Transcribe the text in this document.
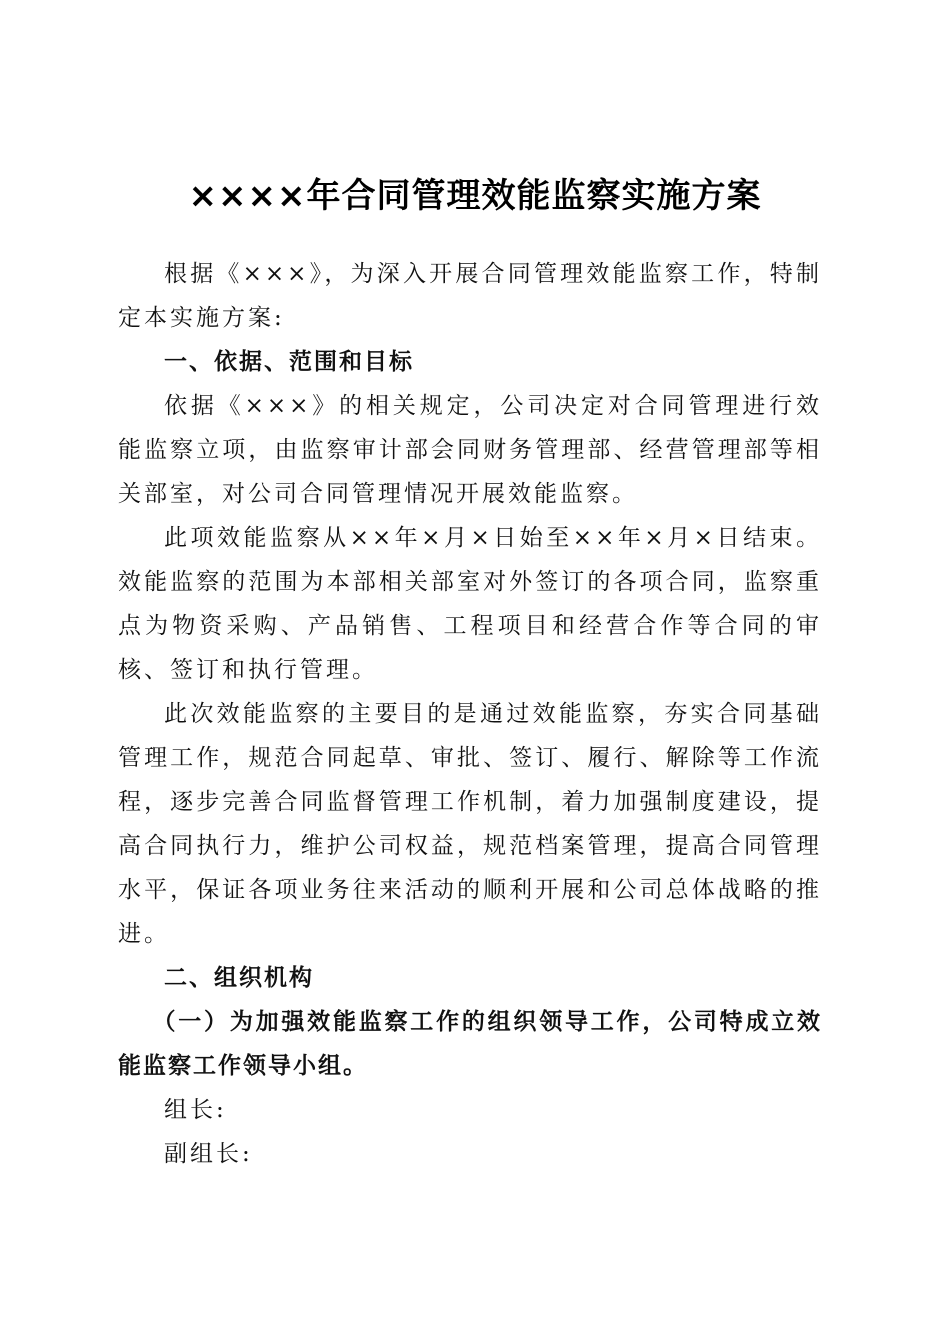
××××年合同管理效能监察实施方案

根据《×××》，为深入开展合同管理效能监察工作，特制定本实施方案:

一、依据、范围和目标

依据《×××》的相关规定，公司决定对合同管理进行效能监察立项，由监察审计部会同财务管理部、经营管理部等相关部室，对公司合同管理情况开展效能监察。

此项效能监察从××年×月×日始至××年×月×日结束。效能监察的范围为本部相关部室对外签订的各项合同，监察重点为物资采购、产品销售、工程项目和经营合作等合同的审核、签订和执行管理。

此次效能监察的主要目的是通过效能监察，夯实合同基础管理工作，规范合同起草、审批、签订、履行、解除等工作流程，逐步完善合同监督管理工作机制，着力加强制度建设，提高合同执行力，维护公司权益，规范档案管理，提高合同管理水平，保证各项业务往来活动的顺利开展和公司总体战略的推进。

二、组织机构

（一）为加强效能监察工作的组织领导工作，公司特成立效能监察工作领导小组。

组长:

副组长:
